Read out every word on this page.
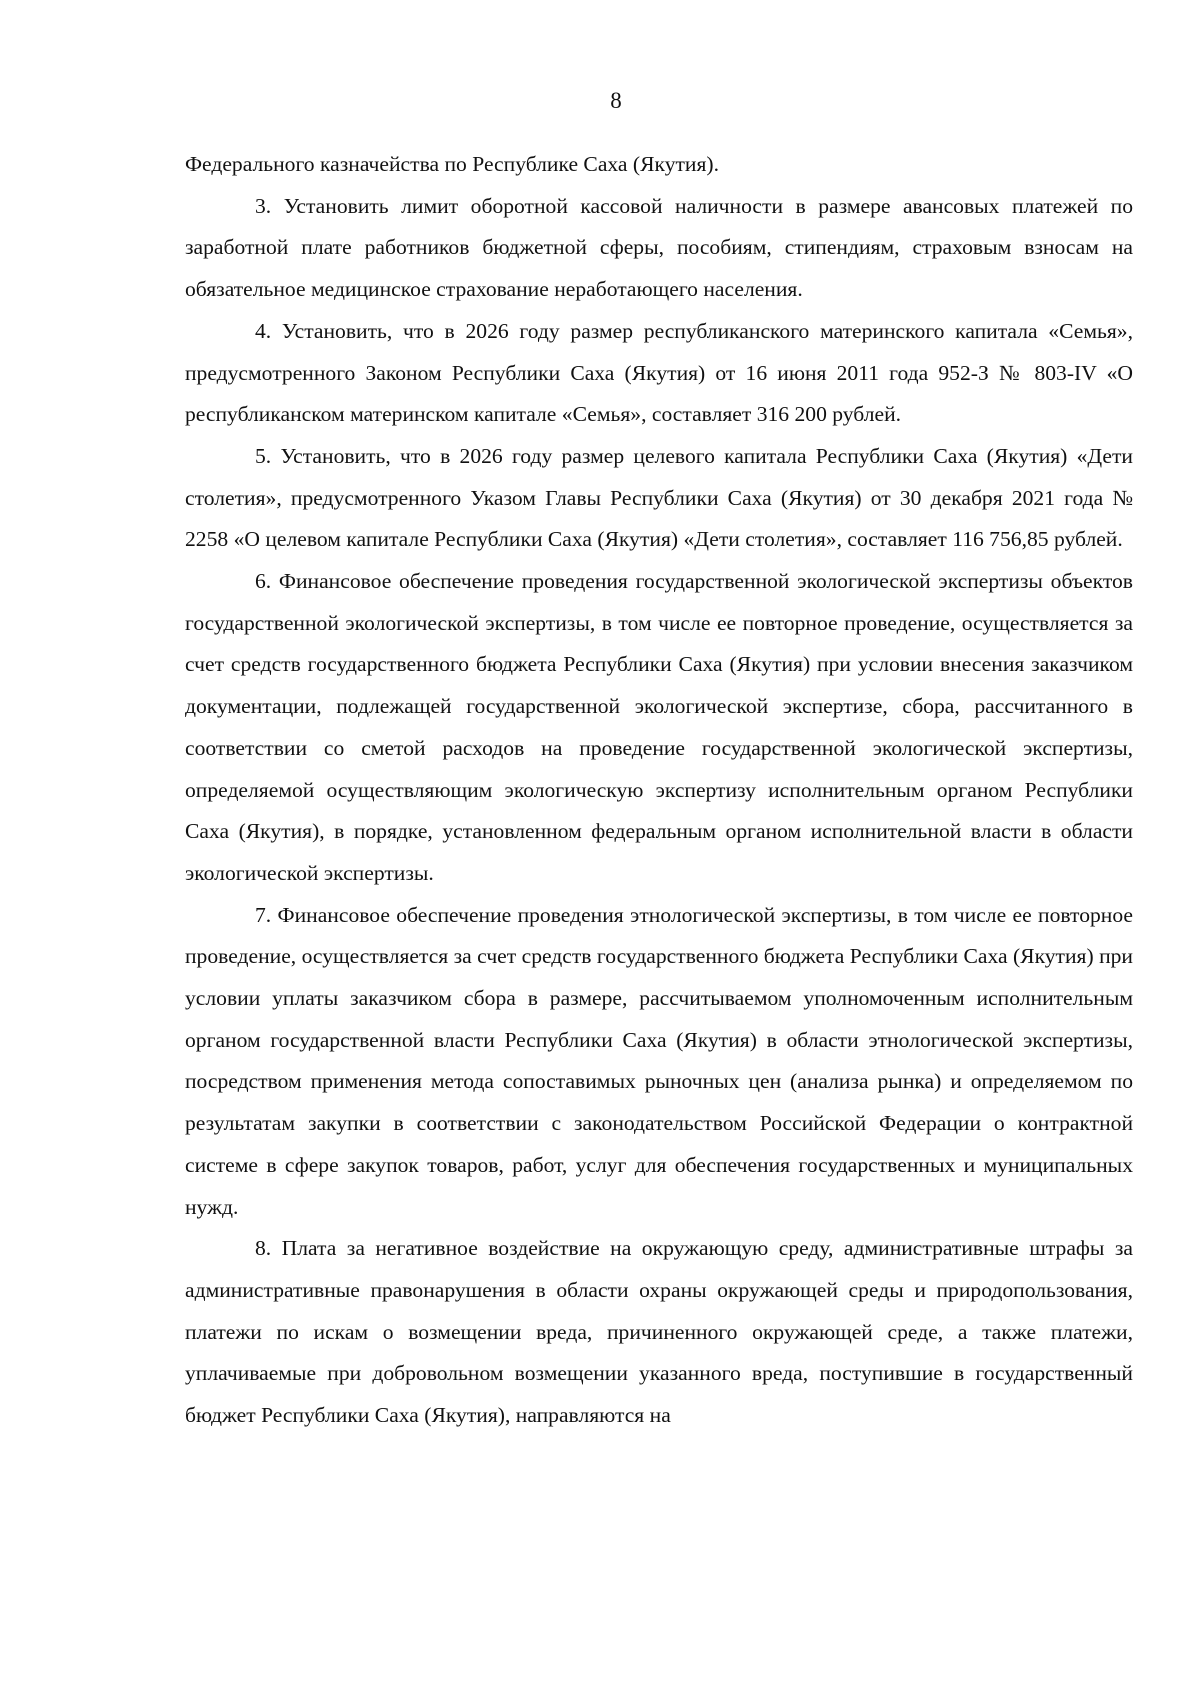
8

Федерального казначейства по Республике Саха (Якутия).

3. Установить лимит оборотной кассовой наличности в размере авансовых платежей по заработной плате работников бюджетной сферы, пособиям, стипендиям, страховым взносам на обязательное медицинское страхование неработающего населения.

4. Установить, что в 2026 году размер республиканского материнского капитала «Семья», предусмотренного Законом Республики Саха (Якутия) от 16 июня 2011 года 952-З № 803-IV «О республиканском материнском капитале «Семья», составляет 316 200 рублей.

5. Установить, что в 2026 году размер целевого капитала Республики Саха (Якутия) «Дети столетия», предусмотренного Указом Главы Республики Саха (Якутия) от 30 декабря 2021 года № 2258 «О целевом капитале Республики Саха (Якутия) «Дети столетия», составляет 116 756,85 рублей.

6. Финансовое обеспечение проведения государственной экологической экспертизы объектов государственной экологической экспертизы, в том числе ее повторное проведение, осуществляется за счет средств государственного бюджета Республики Саха (Якутия) при условии внесения заказчиком документации, подлежащей государственной экологической экспертизе, сбора, рассчитанного в соответствии со сметой расходов на проведение государственной экологической экспертизы, определяемой осуществляющим экологическую экспертизу исполнительным органом Республики Саха (Якутия), в порядке, установленном федеральным органом исполнительной власти в области экологической экспертизы.

7. Финансовое обеспечение проведения этнологической экспертизы, в том числе ее повторное проведение, осуществляется за счет средств государственного бюджета Республики Саха (Якутия) при условии уплаты заказчиком сбора в размере, рассчитываемом уполномоченным исполнительным органом государственной власти Республики Саха (Якутия) в области этнологической экспертизы, посредством применения метода сопоставимых рыночных цен (анализа рынка) и определяемом по результатам закупки в соответствии с законодательством Российской Федерации о контрактной системе в сфере закупок товаров, работ, услуг для обеспечения государственных и муниципальных нужд.

8. Плата за негативное воздействие на окружающую среду, административные штрафы за административные правонарушения в области охраны окружающей среды и природопользования, платежи по искам о возмещении вреда, причиненного окружающей среде, а также платежи, уплачиваемые при добровольном возмещении указанного вреда, поступившие в государственный бюджет Республики Саха (Якутия), направляются на
